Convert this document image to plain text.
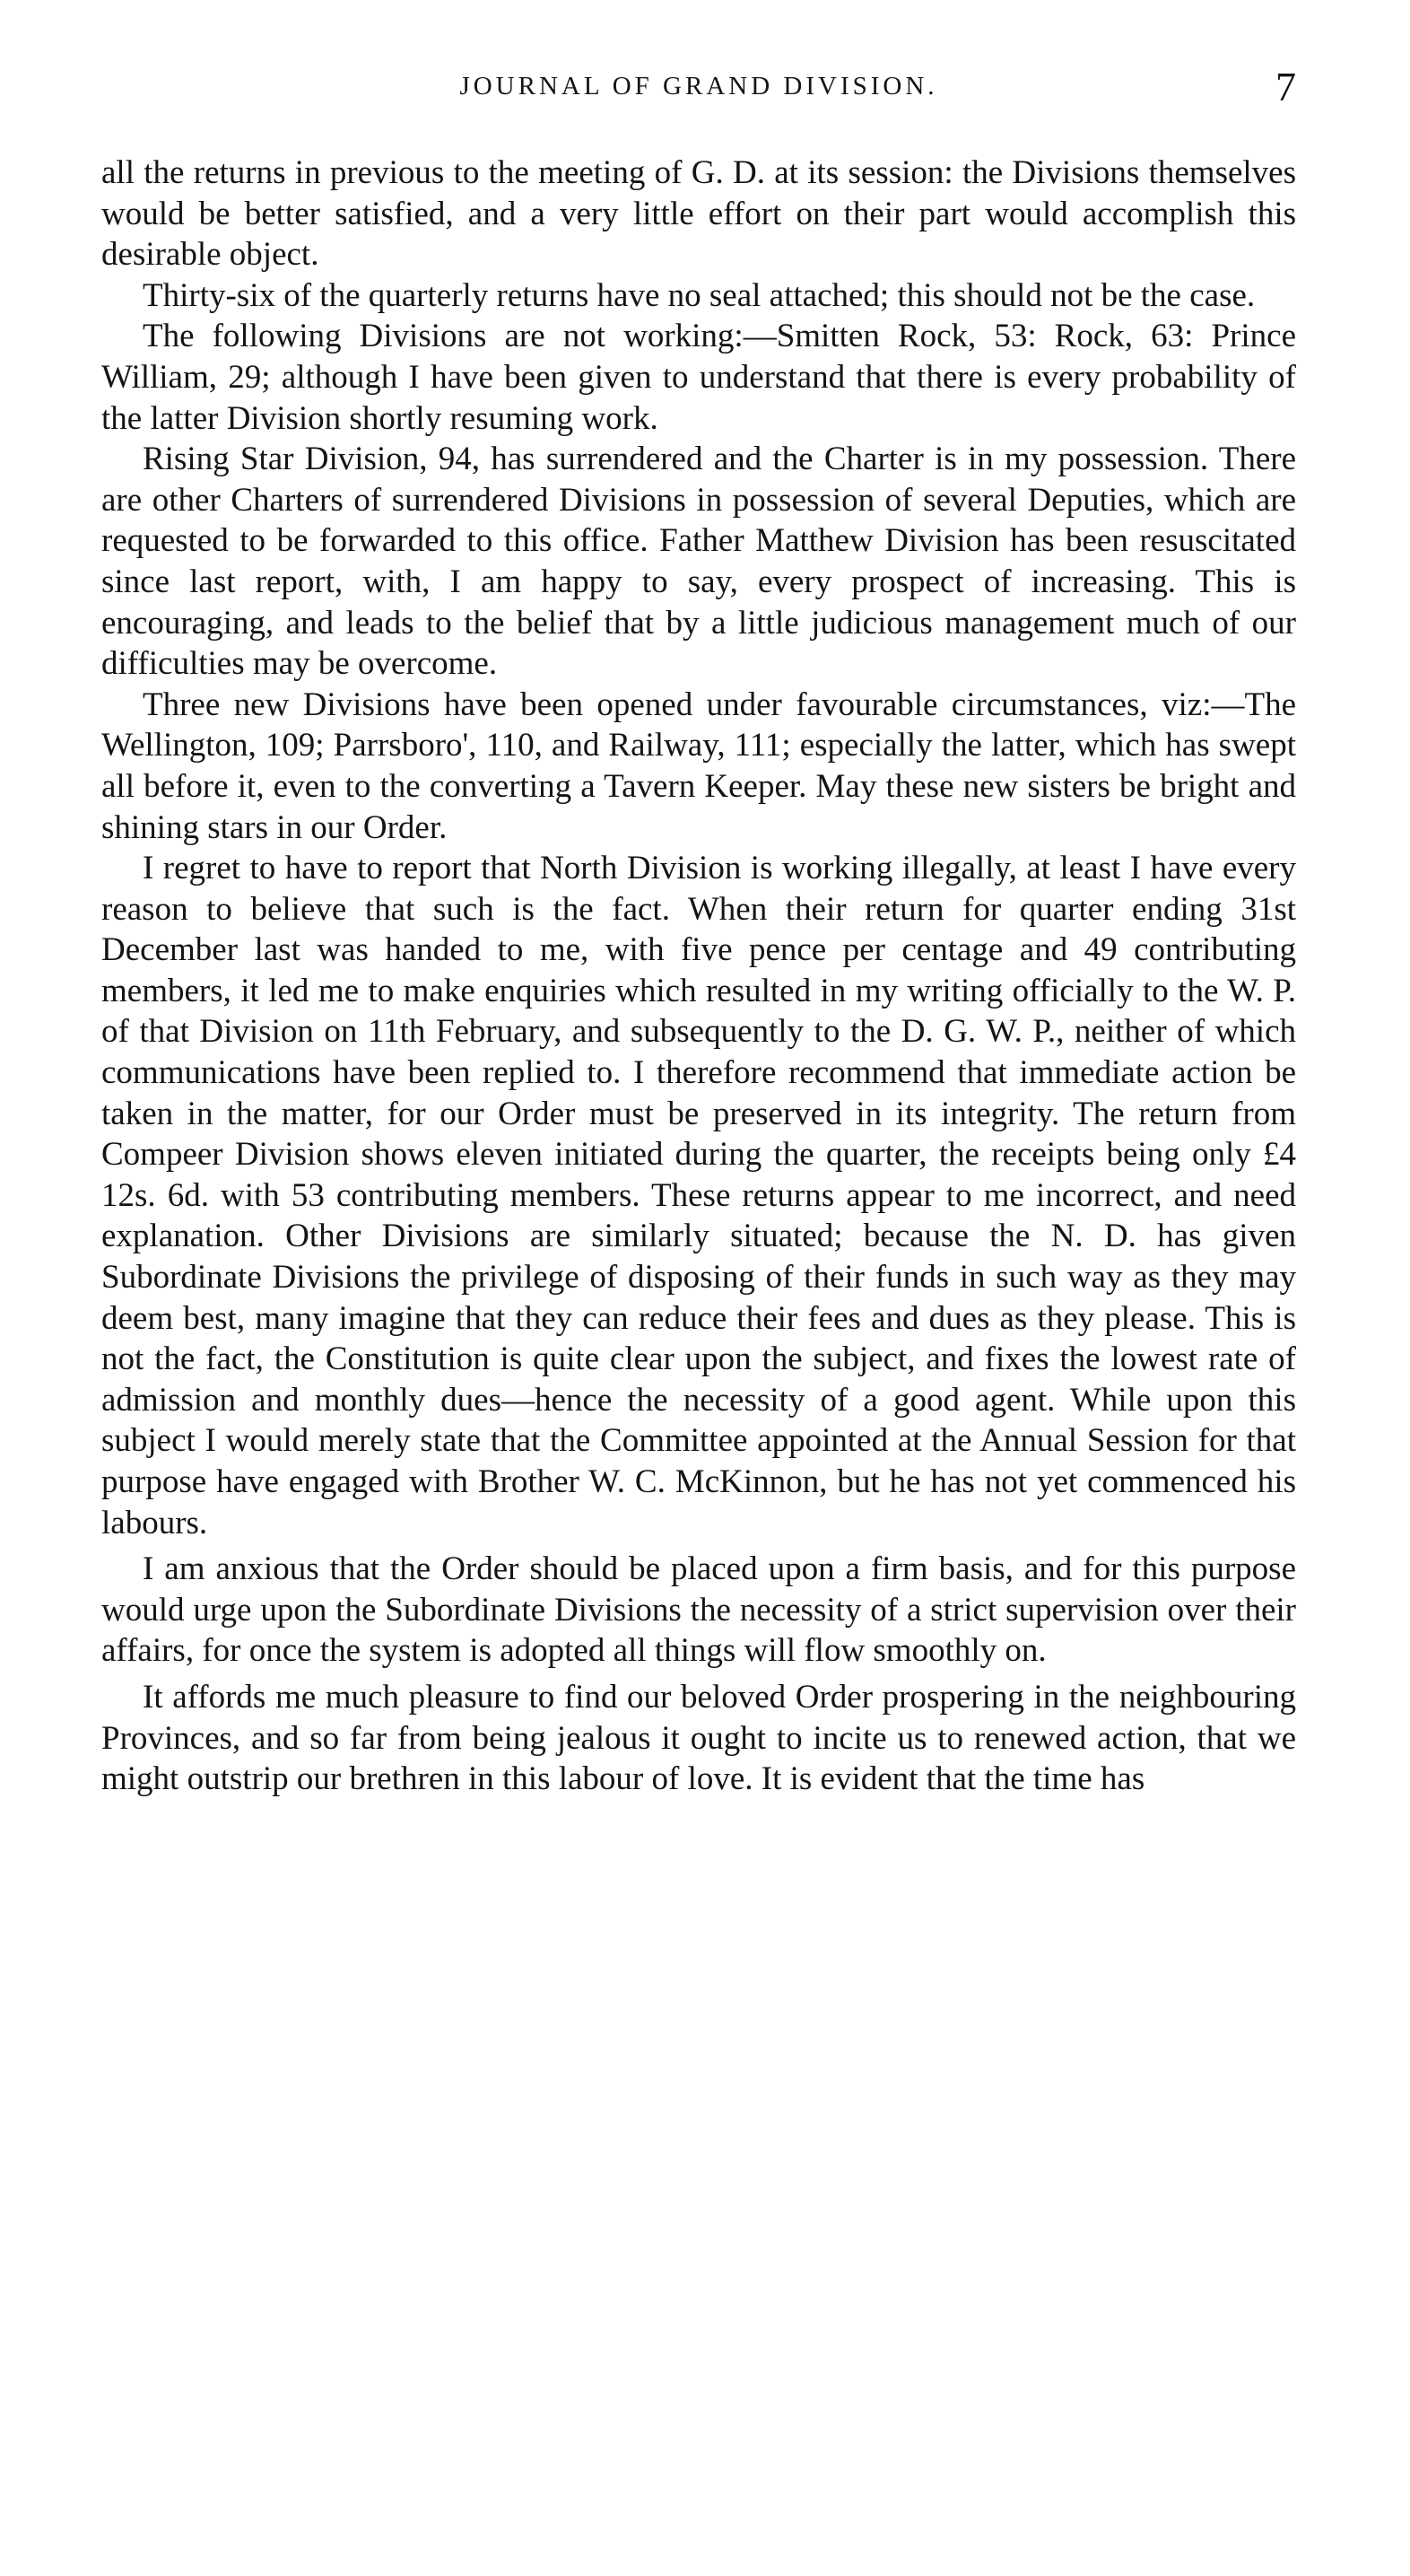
JOURNAL OF GRAND DIVISION.	7

all the returns in previous to the meeting of G. D. at its session: the Divisions themselves would be better satisfied, and a very little effort on their part would accomplish this desirable object.

Thirty-six of the quarterly returns have no seal attached; this should not be the case.

The following Divisions are not working:—Smitten Rock, 53: Rock, 63: Prince William, 29; although I have been given to understand that there is every probability of the latter Division shortly resuming work.

Rising Star Division, 94, has surrendered and the Charter is in my possession. There are other Charters of surrendered Divisions in possession of several Deputies, which are requested to be forwarded to this office. Father Matthew Division has been resuscitated since last report, with, I am happy to say, every prospect of increasing. This is encouraging, and leads to the belief that by a little judicious management much of our difficulties may be overcome.

Three new Divisions have been opened under favourable circumstances, viz:—The Wellington, 109; Parrsboro', 110, and Railway, 111; especially the latter, which has swept all before it, even to the converting a Tavern Keeper. May these new sisters be bright and shining stars in our Order.

I regret to have to report that North Division is working illegally, at least I have every reason to believe that such is the fact. When their return for quarter ending 31st December last was handed to me, with five pence per centage and 49 contributing members, it led me to make enquiries which resulted in my writing officially to the W. P. of that Division on 11th February, and subsequently to the D. G. W. P., neither of which communications have been replied to. I therefore recommend that immediate action be taken in the matter, for our Order must be preserved in its integrity. The return from Compeer Division shows eleven initiated during the quarter, the receipts being only £4 12s. 6d. with 53 contributing members. These returns appear to me incorrect, and need explanation. Other Divisions are similarly situated; because the N. D. has given Subordinate Divisions the privilege of disposing of their funds in such way as they may deem best, many imagine that they can reduce their fees and dues as they please. This is not the fact, the Constitution is quite clear upon the subject, and fixes the lowest rate of admission and monthly dues—hence the necessity of a good agent. While upon this subject I would merely state that the Committee appointed at the Annual Session for that purpose have engaged with Brother W. C. McKinnon, but he has not yet commenced his labours.

I am anxious that the Order should be placed upon a firm basis, and for this purpose would urge upon the Subordinate Divisions the necessity of a strict supervision over their affairs, for once the system is adopted all things will flow smoothly on.

It affords me much pleasure to find our beloved Order prospering in the neighbouring Provinces, and so far from being jealous it ought to incite us to renewed action, that we might outstrip our brethren in this labour of love. It is evident that the time has
